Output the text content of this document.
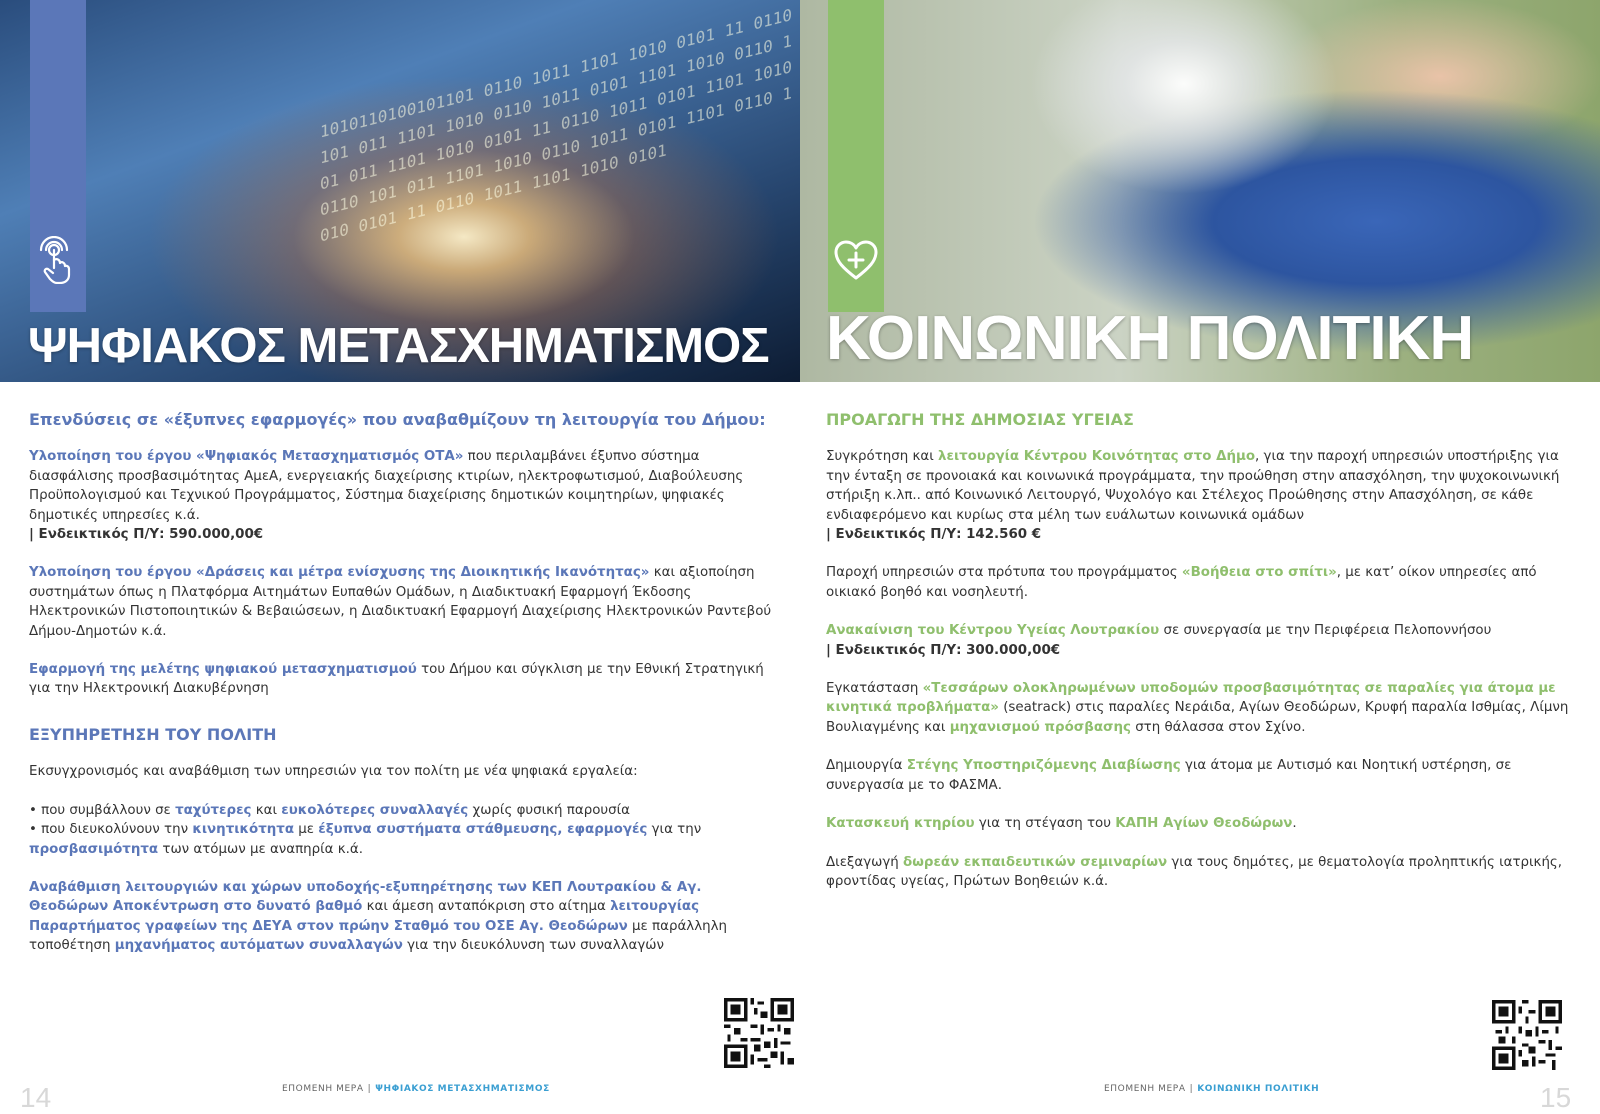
1010110100101101 0110 1011 1101 1010 0101 11 0110 101 011 1101 1010 0110 1011 0101 1101 1010 0110 101 011 1101 1010 0101 11 0110 1011 0101 1101 1010 0110 101 011 1101 1010 0110 1011 0101 1101 0110 1010 0101 11 0110 1011 1101 1010 0101
ΨΗΦΙΑΚΟΣ ΜΕΤΑΣΧΗΜΑΤΙΣΜΟΣ
Επενδύσεις σε «έξυπνες εφαρμογές» που αναβαθμίζουν τη λειτουργία του Δήμου:
Υλοποίηση του έργου «Ψηφιακός Μετασχηματισμός ΟΤΑ» που περιλαμβάνει έξυπνο σύστημα διασφάλισης προσβασιμότητας ΑμεΑ, ενεργειακής διαχείρισης κτιρίων, ηλεκτροφωτισμού, Διαβούλευσης Προϋπολογισμού και Τεχνικού Προγράμματος, Σύστημα διαχείρισης δημοτικών κοιμητηρίων, ψηφιακές δημοτικές υπηρεσίες κ.ά.
| Ενδεικτικός Π/Υ: 590.000,00€
Υλοποίηση του έργου «Δράσεις και μέτρα ενίσχυσης της Διοικητικής Ικανότητας» και αξιοποίηση συστημάτων όπως η Πλατφόρμα Αιτημάτων Ευπαθών Ομάδων, η Διαδικτυακή Εφαρμογή Έκδοσης Ηλεκτρονικών Πιστοποιητικών & Βεβαιώσεων, η Διαδικτυακή Εφαρμογή Διαχείρισης Ηλεκτρονικών Ραντεβού Δήμου-Δημοτών κ.ά.
Εφαρμογή της μελέτης ψηφιακού μετασχηματισμού του Δήμου και σύγκλιση με την Εθνική Στρατηγική για την Ηλεκτρονική Διακυβέρνηση
ΕΞΥΠΗΡΕΤΗΣΗ ΤΟΥ ΠΟΛΙΤΗ
Εκσυγχρονισμός και αναβάθμιση των υπηρεσιών για τον πολίτη με νέα ψηφιακά εργαλεία:
• που συμβάλλουν σε ταχύτερες και ευκολότερες συναλλαγές χωρίς φυσική παρουσία
• που διευκολύνουν την κινητικότητα με έξυπνα συστήματα στάθμευσης, εφαρμογές για την προσβασιμότητα των ατόμων με αναπηρία κ.ά.
Αναβάθμιση λειτουργιών και χώρων υποδοχής-εξυπηρέτησης των ΚΕΠ Λουτρακίου & Αγ. Θεοδώρων Αποκέντρωση στο δυνατό βαθμό και άμεση ανταπόκριση στο αίτημα λειτουργίας Παραρτήματος γραφείων της ΔΕΥΑ στον πρώην Σταθμό του ΟΣΕ Αγ. Θεοδώρων με παράλληλη τοποθέτηση μηχανήματος αυτόματων συναλλαγών για την διευκόλυνση των συναλλαγών
ΕΠΟΜΕΝΗ ΜΕΡΑ | ΨΗΦΙΑΚΟΣ ΜΕΤΑΣΧΗΜΑΤΙΣΜΟΣ
14
ΚΟΙΝΩΝΙΚΗ ΠΟΛΙΤΙΚΗ
ΠΡΟΑΓΩΓΗ ΤΗΣ ΔΗΜΟΣΙΑΣ ΥΓΕΙΑΣ
Συγκρότηση και λειτουργία Κέντρου Κοινότητας στο Δήμο, για την παροχή υπηρεσιών υποστήριξης για την ένταξη σε προνοιακά και κοινωνικά προγράμματα, την προώθηση στην απασχόληση, την ψυχοκοινωνική στήριξη κ.λπ.. από Κοινωνικό Λειτουργό, Ψυχολόγο και Στέλεχος Προώθησης στην Απασχόληση, σε κάθε ενδιαφερόμενο και κυρίως στα μέλη των ευάλωτων κοινωνικά ομάδων
| Ενδεικτικός Π/Υ: 142.560 €
Παροχή υπηρεσιών στα πρότυπα του προγράμματος «Βοήθεια στο σπίτι», με κατ’ οίκον υπηρεσίες από οικιακό βοηθό και νοσηλευτή.
Ανακαίνιση του Κέντρου Υγείας Λουτρακίου σε συνεργασία με την Περιφέρεια Πελοποννήσου
| Ενδεικτικός Π/Υ: 300.000,00€
Εγκατάσταση «Τεσσάρων ολοκληρωμένων υποδομών προσβασιμότητας σε παραλίες για άτομα με κινητικά προβλήματα» (seatrack) στις παραλίες Νεράιδα, Αγίων Θεοδώρων, Κρυφή παραλία Ισθμίας, Λίμνη Βουλιαγμένης και μηχανισμού πρόσβασης στη θάλασσα στον Σχίνο.
Δημιουργία Στέγης Υποστηριζόμενης Διαβίωσης για άτομα με Αυτισμό και Νοητική υστέρηση, σε συνεργασία με το ΦΑΣΜΑ.
Κατασκευή κτηρίου για τη στέγαση του ΚΑΠΗ Αγίων Θεοδώρων.
Διεξαγωγή δωρεάν εκπαιδευτικών σεμιναρίων για τους δημότες, με θεματολογία προληπτικής ιατρικής, φροντίδας υγείας, Πρώτων Βοηθειών κ.ά.
ΕΠΟΜΕΝΗ ΜΕΡΑ | ΚΟΙΝΩΝΙΚΗ ΠΟΛΙΤΙΚΗ	15
